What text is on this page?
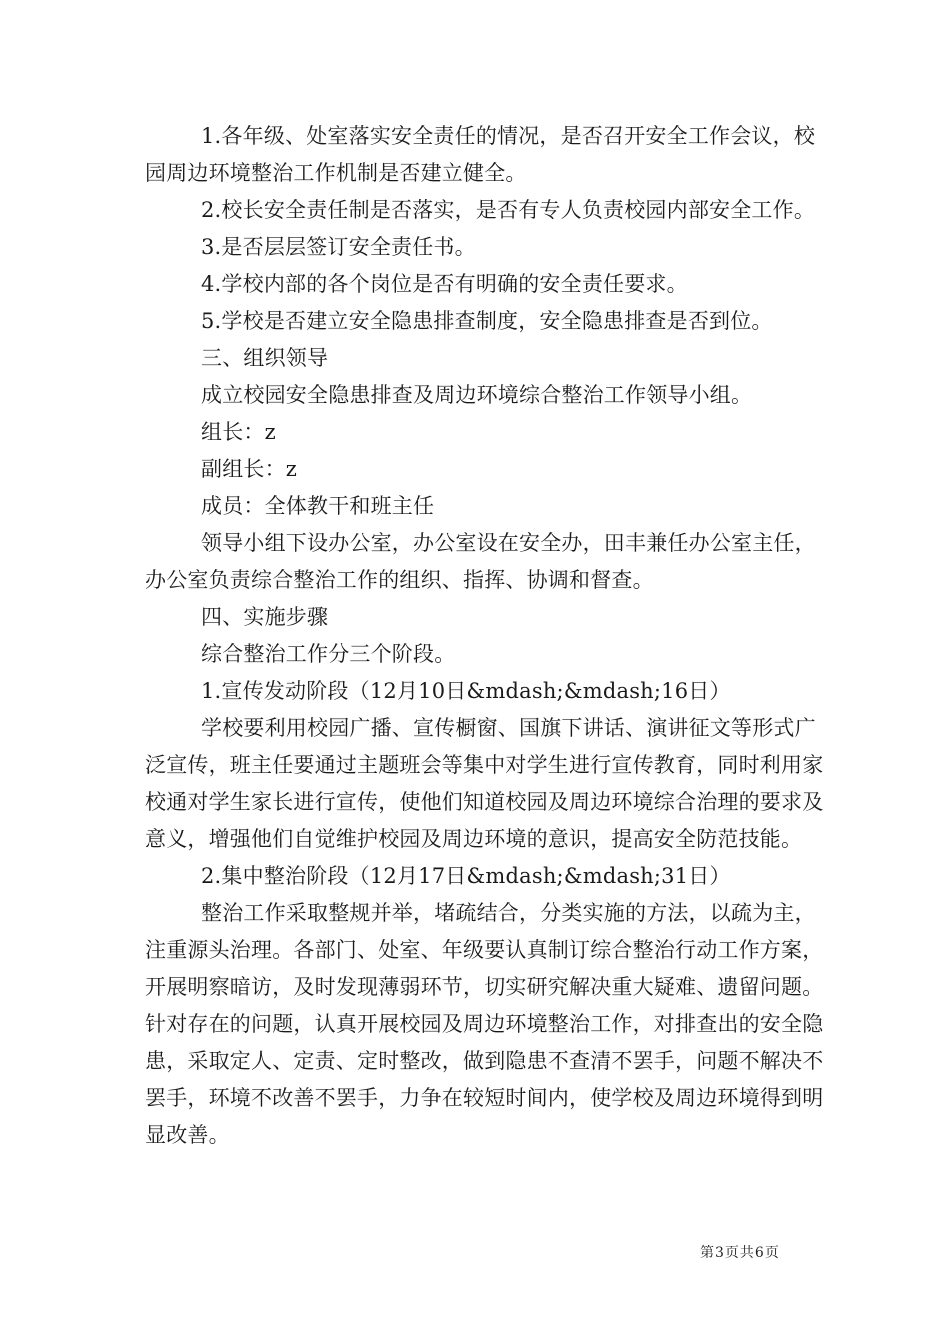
1.各年级、处室落实安全责任的情况，是否召开安全工作会议，校园周边环境整治工作机制是否建立健全。

2.校长安全责任制是否落实，是否有专人负责校园内部安全工作。

3.是否层层签订安全责任书。

4.学校内部的各个岗位是否有明确的安全责任要求。

5.学校是否建立安全隐患排查制度，安全隐患排查是否到位。

三、组织领导

成立校园安全隐患排查及周边环境综合整治工作领导小组。

组长：z

副组长：z

成员：全体教干和班主任

领导小组下设办公室，办公室设在安全办，田丰兼任办公室主任，办公室负责综合整治工作的组织、指挥、协调和督查。

四、实施步骤

综合整治工作分三个阶段。

1.宣传发动阶段（12月10日&mdash;&mdash;16日）

学校要利用校园广播、宣传橱窗、国旗下讲话、演讲征文等形式广泛宣传，班主任要通过主题班会等集中对学生进行宣传教育，同时利用家校通对学生家长进行宣传，使他们知道校园及周边环境综合治理的要求及意义，增强他们自觉维护校园及周边环境的意识，提高安全防范技能。

2.集中整治阶段（12月17日&mdash;&mdash;31日）

整治工作采取整规并举，堵疏结合，分类实施的方法，以疏为主，注重源头治理。各部门、处室、年级要认真制订综合整治行动工作方案，开展明察暗访，及时发现薄弱环节，切实研究解决重大疑难、遗留问题。针对存在的问题，认真开展校园及周边环境整治工作，对排查出的安全隐患，采取定人、定责、定时整改，做到隐患不查清不罢手，问题不解决不罢手，环境不改善不罢手，力争在较短时间内，使学校及周边环境得到明显改善。

第3页共6页
